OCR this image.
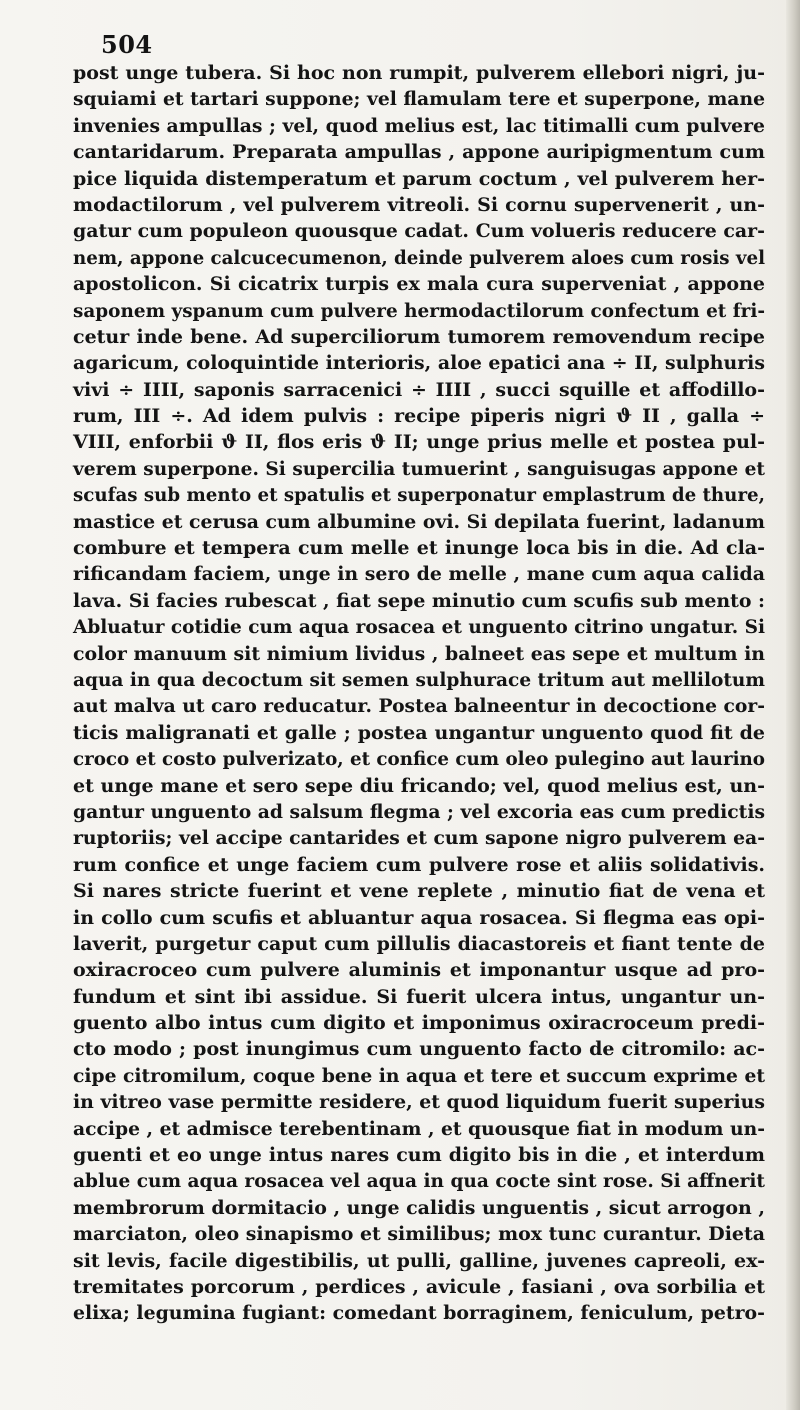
504
post unge tubera. Si hoc non rumpit, pulverem ellebori nigri, ju-
squiami et tartari suppone; vel flamulam tere et superpone, mane
invenies ampullas ; vel, quod melius est, lac titimalli cum pulvere
cantaridarum. Preparata ampullas , appone auripigmentum cum
pice liquida distemperatum et parum coctum , vel pulverem her-
modactilorum , vel pulverem vitreoli. Si cornu supervenerit , un-
gatur cum populeon quousque cadat. Cum volueris reducere car-
nem, appone calcucecumenon, deinde pulverem aloes cum rosis vel
apostolicon. Si cicatrix turpis ex mala cura superveniat , appone
saponem yspanum cum pulvere hermodactilorum confectum et fri-
cetur inde bene. Ad superciliorum tumorem removendum recipe
agaricum, coloquintide interioris, aloe epatici ana ÷ II, sulphuris
vivi ÷ IIII, saponis sarracenici ÷ IIII , succi squille et affodillo-
rum, III ÷. Ad idem pulvis : recipe piperis nigri ϑ II , galla ÷
VIII, enforbii ϑ II, flos eris ϑ II; unge prius melle et postea pul-
verem superpone. Si supercilia tumuerint , sanguisugas appone et
scufas sub mento et spatulis et superponatur emplastrum de thure,
mastice et cerusa cum albumine ovi. Si depilata fuerint, ladanum
combure et tempera cum melle et inunge loca bis in die. Ad cla-
rificandam faciem, unge in sero de melle , mane cum aqua calida
lava. Si facies rubescat , fiat sepe minutio cum scufis sub mento :
Abluatur cotidie cum aqua rosacea et unguento citrino ungatur. Si
color manuum sit nimium lividus , balneet eas sepe et multum in
aqua in qua decoctum sit semen sulphurace tritum aut mellilotum
aut malva ut caro reducatur. Postea balneentur in decoctione cor-
ticis maligranati et galle ; postea ungantur unguento quod fit de
croco et costo pulverizato, et confice cum oleo pulegino aut laurino
et unge mane et sero sepe diu fricando; vel, quod melius est, un-
gantur unguento ad salsum flegma ; vel excoria eas cum predictis
ruptoriis; vel accipe cantarides et cum sapone nigro pulverem ea-
rum confice et unge faciem cum pulvere rose et aliis solidativis.
Si nares stricte fuerint et vene replete , minutio fiat de vena et
in collo cum scufis et abluantur aqua rosacea. Si flegma eas opi-
laverit, purgetur caput cum pillulis diacastoreis et fiant tente de
oxiracroceo cum pulvere aluminis et imponantur usque ad pro-
fundum et sint ibi assidue. Si fuerit ulcera intus, ungantur un-
guento albo intus cum digito et imponimus oxiracroceum predi-
cto modo ; post inungimus cum unguento facto de citromilo: ac-
cipe citromilum, coque bene in aqua et tere et succum exprime et
in vitreo vase permitte residere, et quod liquidum fuerit superius
accipe , et admisce terebentinam , et quousque fiat in modum un-
guenti et eo unge intus nares cum digito bis in die , et interdum
ablue cum aqua rosacea vel aqua in qua cocte sint rose. Si affnerit
membrorum dormitacio , unge calidis unguentis , sicut arrogon ,
marciaton, oleo sinapismo et similibus; mox tunc curantur. Dieta
sit levis, facile digestibilis, ut pulli, galline, juvenes capreoli, ex-
tremitates porcorum , perdices , avicule , fasiani , ova sorbilia et
elixa; legumina fugiant: comedant borraginem, feniculum, petro-
